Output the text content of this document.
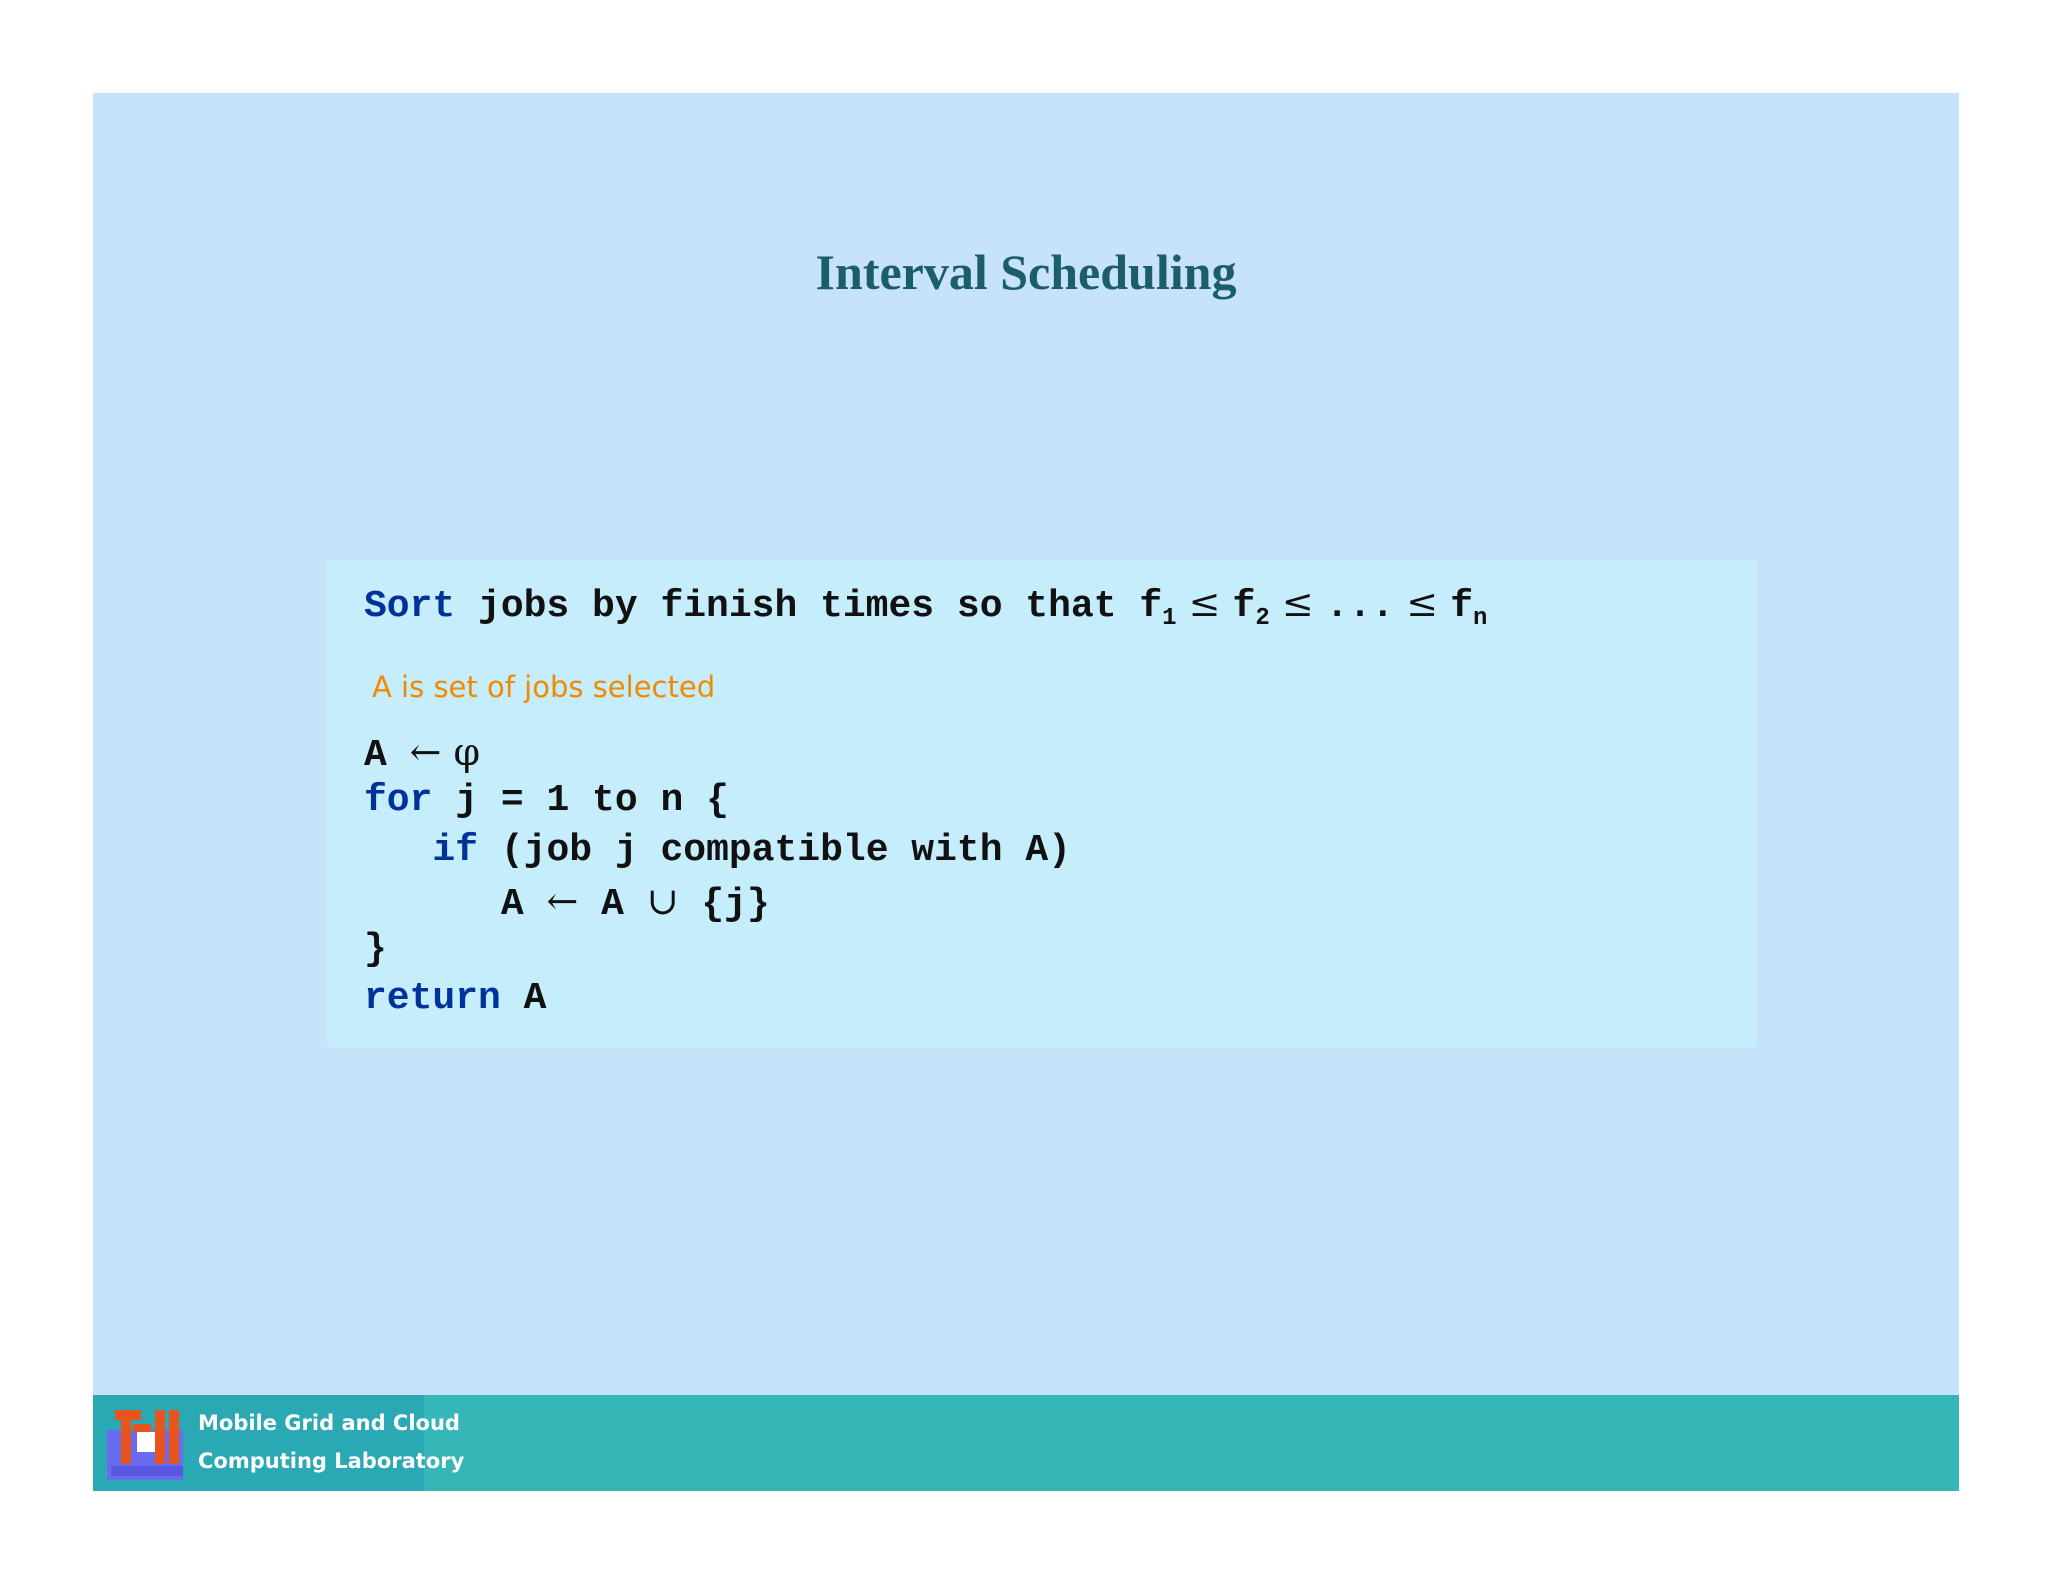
Interval Scheduling
Sort jobs by finish times so that $f_1 \le f_2$ ≤ ... ≤ $f_n$
A is set of jobs selected
A ← φ
for j = 1 to n {
if (job j compatible with A)
A ← A ∪ {j}
}
return A
Mobile Grid and Cloud
Computing Laboratory
